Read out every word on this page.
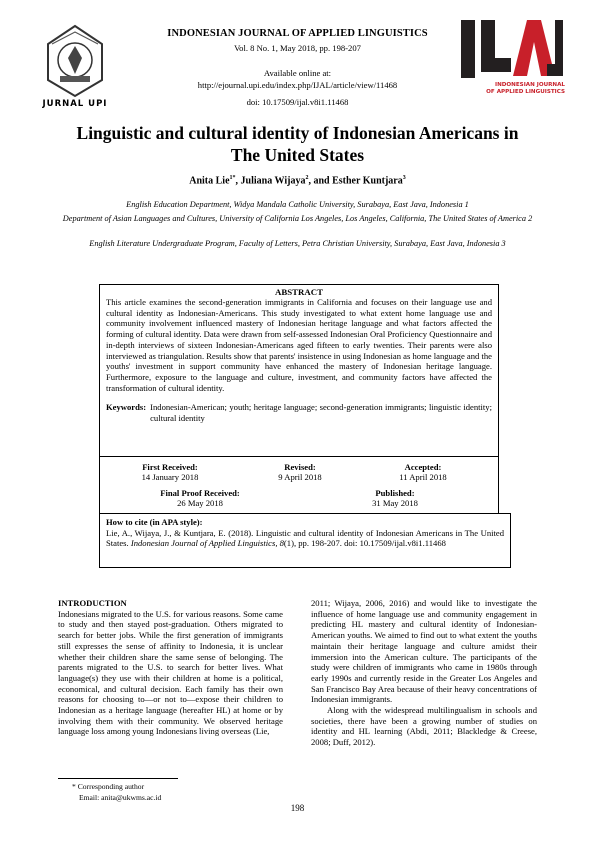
JURNAL UPI
INDONESIAN JOURNAL OF APPLIED LINGUISTICS
Vol. 8 No. 1, May 2018, pp. 198-207
Available online at:
http://ejournal.upi.edu/index.php/IJAL/article/view/11468
doi: 10.17509/ijal.v8i1.11468
INDONESIAN JOURNAL
OF APPLIED LINGUISTICS
Linguistic and cultural identity of Indonesian Americans in
The United States
Anita Lie$^{1*}$, Juliana Wijaya$^2$, and Esther Kuntjara$^3$
English Education Department, Widya Mandala Catholic University, Surabaya, East Java, Indonesia 1
Department of Asian Languages and Cultures, University of California Los Angeles, Los Angeles, California, The United States of America 2
English Literature Undergraduate Program, Faculty of Letters, Petra Christian University, Surabaya, East Java, Indonesia 3
ABSTRACT
This article examines the second-generation immigrants in California and focuses on their language use and cultural identity as Indonesian-Americans. This study investigated to what extent home language use and community involvement influenced mastery of Indonesian heritage language and what factors affected the forming of cultural identity. Data were drawn from self-assessed Indonesian Oral Proficiency Questionnaire and in-depth interviews of sixteen Indonesian-Americans aged fifteen to early twenties. Their parents were also interviewed as triangulation. Results show that parents' insistence in using Indonesian as home language and the youths' investment in support community have enhanced the mastery of Indonesian heritage language. Furthermore, exposure to the language and culture, investment, and community factors have affected the transformation of cultural identity.
Keywords: Indonesian-American; youth; heritage language; second-generation immigrants; linguistic identity; cultural identity
First Received:
14 January 2018
Revised:
9 April 2018
Accepted:
11 April 2018
Final Proof Received:
26 May 2018
Published:
31 May 2018
How to cite (in APA style):
Lie, A., Wijaya, J., & Kuntjara, E. (2018). Linguistic and cultural identity of Indonesian Americans in The United States. Indonesian Journal of Applied Linguistics, 8(1), pp. 198-207. doi: 10.17509/ijal.v8i1.11468
INTRODUCTION
Indonesians migrated to the U.S. for various reasons. Some came to study and then stayed post-graduation. Others migrated to search for better jobs. While the first generation of immigrants still expresses the sense of affinity to Indonesia, it is unclear whether their children share the same sense of belonging. The parents migrated to the U.S. to search for better lives. What language(s) they use with their children at home is a political, economical, and cultural decision. Each family has their own reasons for choosing to—or not to—expose their children to Indonesian as a heritage language (hereafter HL) at home or by involving them with their community. We observed heritage language loss among young Indonesians living overseas (Lie,
2011; Wijaya, 2006, 2016) and would like to investigate the influence of home language use and community engagement in predicting HL mastery and cultural identity of Indonesian-American youths. We aimed to find out to what extent the youths maintain their heritage language and culture amidst their immersion into the American culture. The participants of the study were children of immigrants who came in 1980s through early 1990s and currently reside in the Greater Los Angeles and San Francisco Bay Area because of their heavy concentrations of Indonesian immigrants.
Along with the widespread multilingualism in schools and societies, there have been a growing number of studies on identity and HL learning (Abdi, 2011; Blackledge & Creese, 2008; Duff, 2012).
* Corresponding author
Email: anita@ukwms.ac.id
198
